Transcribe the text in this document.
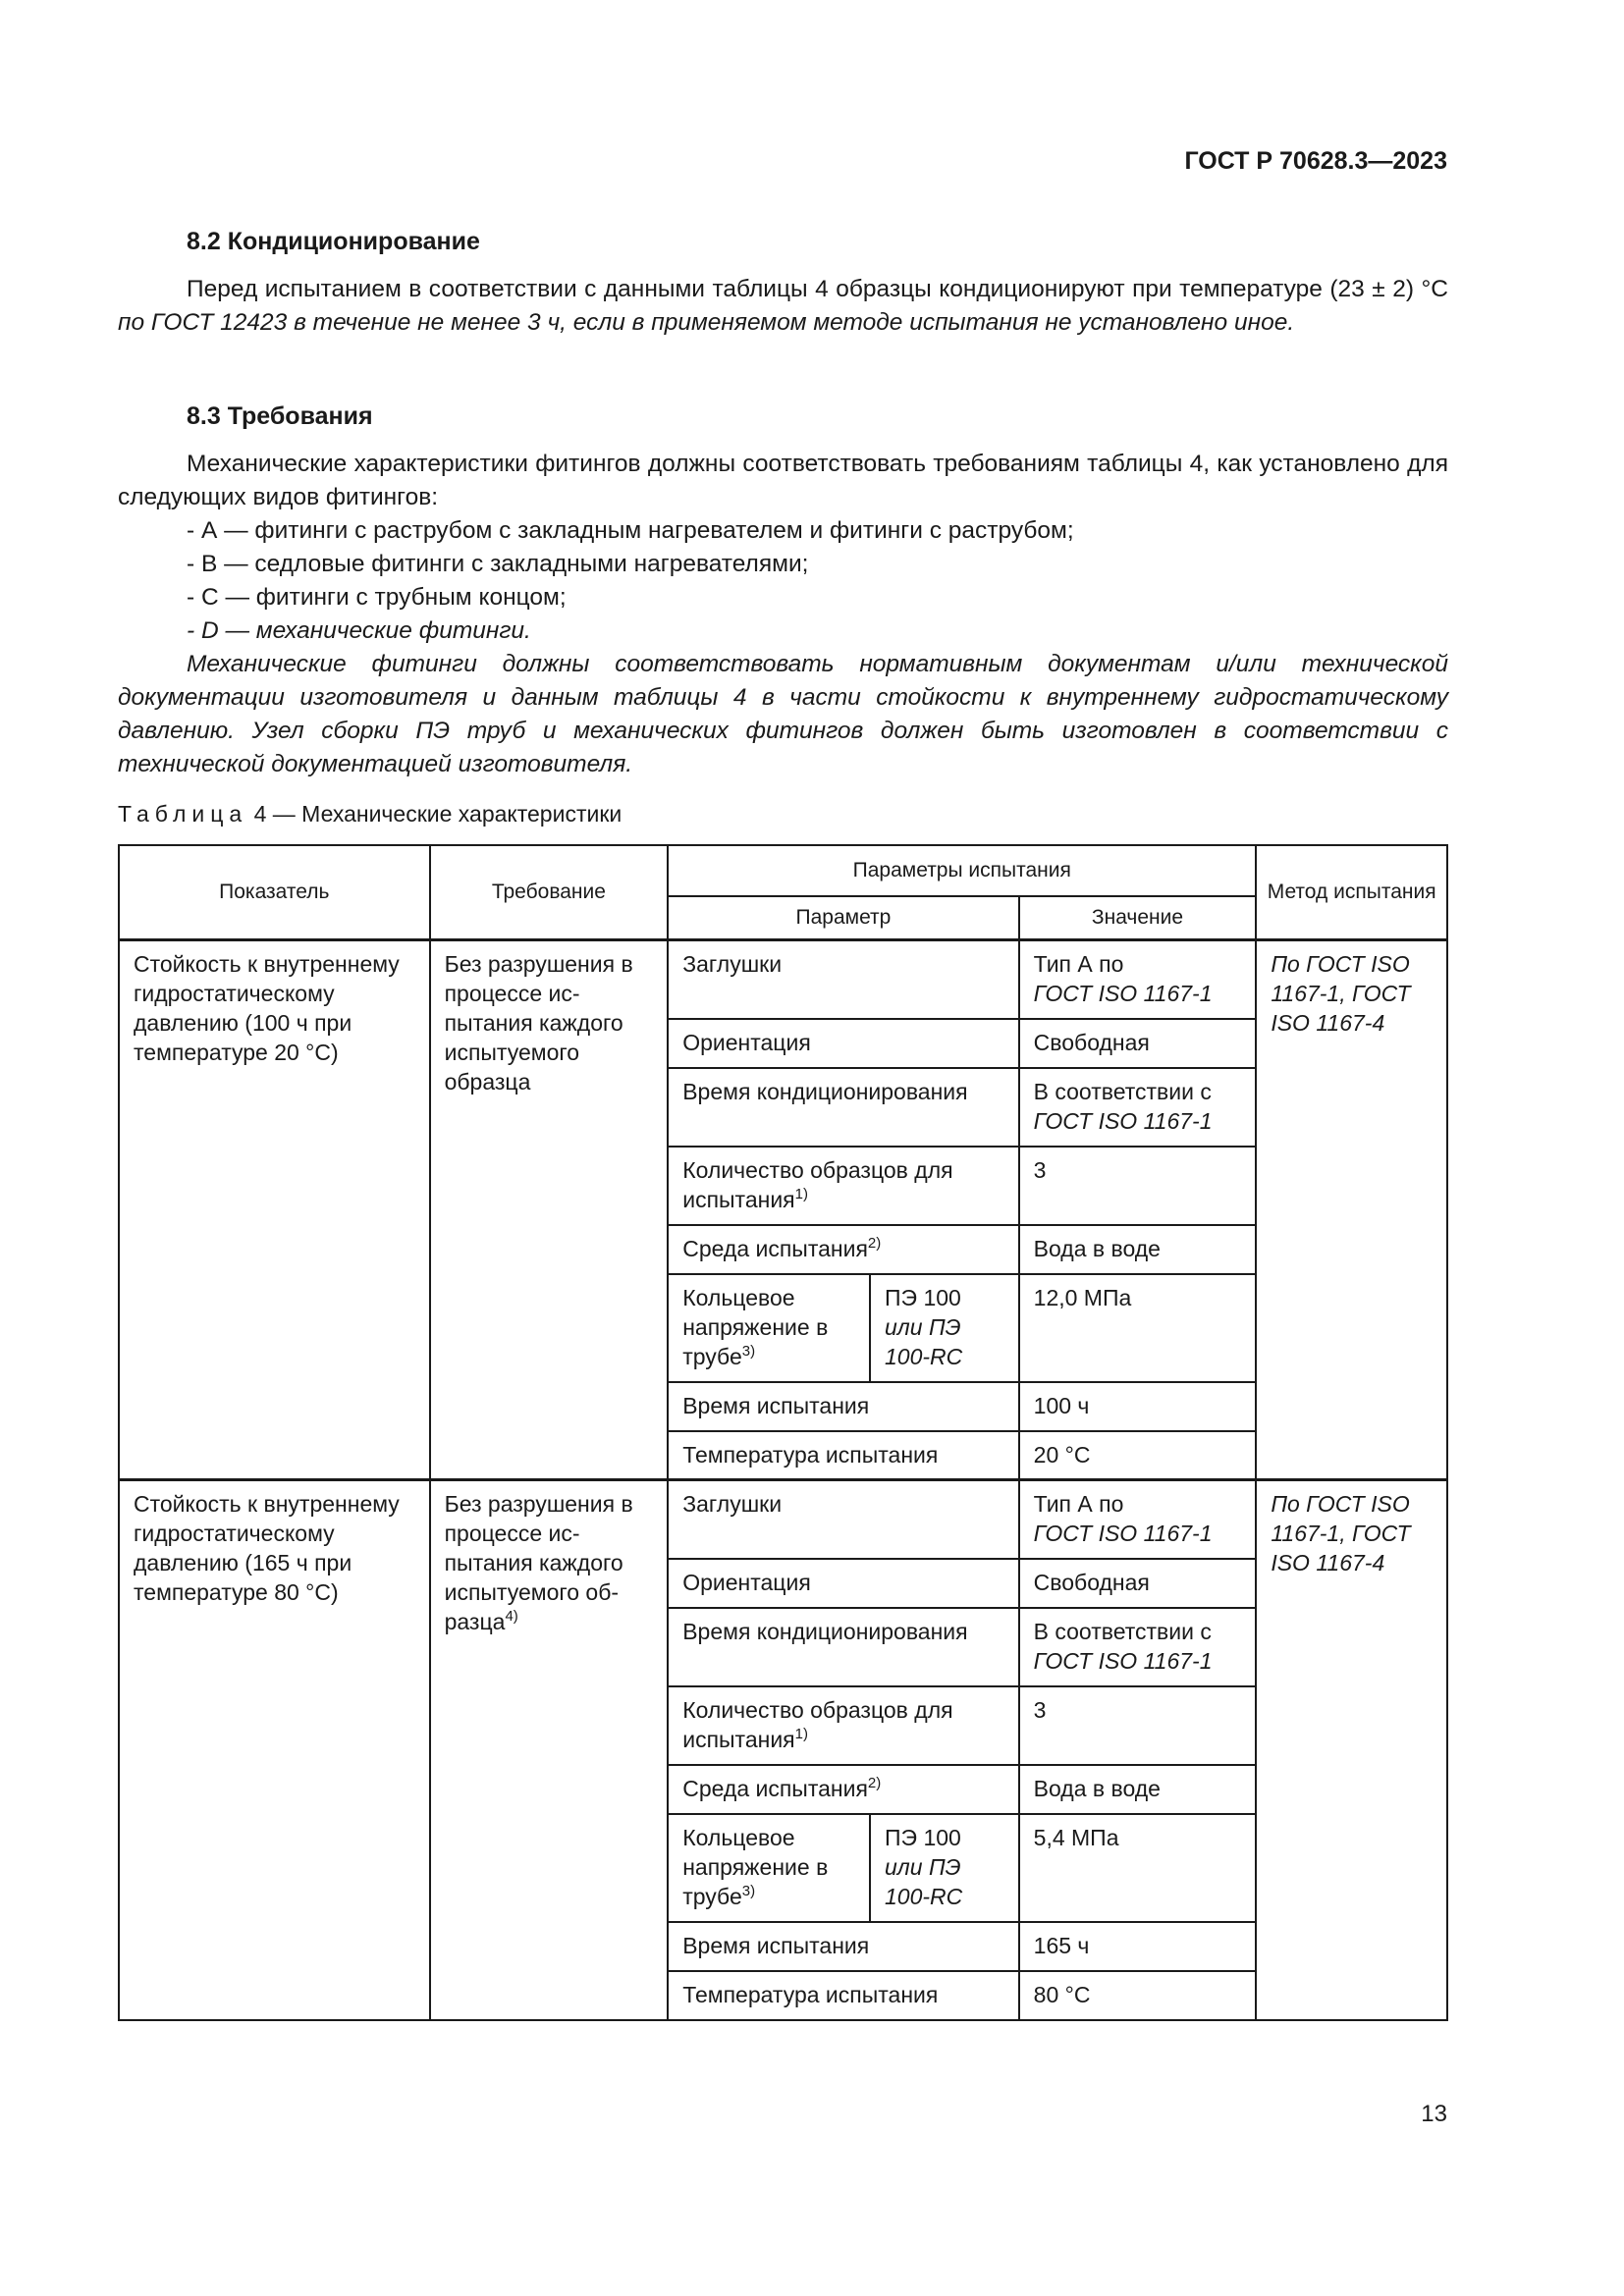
ГОСТ Р 70628.3—2023
8.2 Кондиционирование

Перед испытанием в соответствии с данными таблицы 4 образцы кондиционируют при температуре (23 ± 2) °С по ГОСТ 12423 в течение не менее 3 ч, если в применяемом методе испытания не установлено иное.

8.3 Требования

Механические характеристики фитингов должны соответствовать требованиям таблицы 4, как установлено для следующих видов фитингов:

- А — фитинги с раструбом с закладным нагревателем и фитинги с раструбом;
- В — седловые фитинги с закладными нагревателями;
- С — фитинги с трубным концом;
- D — механические фитинги.

Механические фитинги должны соответствовать нормативным документам и/или технической документации изготовителя и данным таблицы 4 в части стойкости к внутреннему гидростатическому давлению. Узел сборки ПЭ труб и механических фитингов должен быть изготовлен в соответствии с технической документацией изготовителя.

Таблица 4 — Механические характеристики
Показатель	Требование	Параметры испытания			Метод испытания
		Параметр		Значение	
Стойкость к внутреннему гидростатическому давлению (100 ч при температуре 20 °С)	Без разрушения в процессе испытания каждого испытуемого образца	Заглушки		Тип А по
ГОСТ ISO 1167-1	По ГОСТ ISO 1167-1, ГОСТ ISO 1167-4
		Ориентация		Свободная	
		Время кондиционирования		В соответствии с
ГОСТ ISO 1167-1	
		Количество образцов для испытания$^{1)}$		3	
		Среда испытания$^{2)}$		Вода в воде	
		Кольцевое напряжение в трубе$^{3)}$	ПЭ 100
или ПЭ 100-RC	12,0 МПа	
		Время испытания		100 ч	
		Температура испытания		20 °С	
Стойкость к внутреннему гидростатическому давлению (165 ч при температуре 80 °С)	Без разрушения в процессе испытания каждого испытуемого образца$^{4)}$	Заглушки		Тип А по
ГОСТ ISO 1167-1	По ГОСТ ISO 1167-1, ГОСТ ISO 1167-4
		Ориентация		Свободная	
		Время кондиционирования		В соответствии с
ГОСТ ISO 1167-1	
		Количество образцов для испытания$^{1)}$		3	
		Среда испытания$^{2)}$		Вода в воде	
		Кольцевое напряжение в трубе$^{3)}$	ПЭ 100
или ПЭ 100-RC	5,4 МПа	
		Время испытания		165 ч	
		Температура испытания		80 °С	
13
